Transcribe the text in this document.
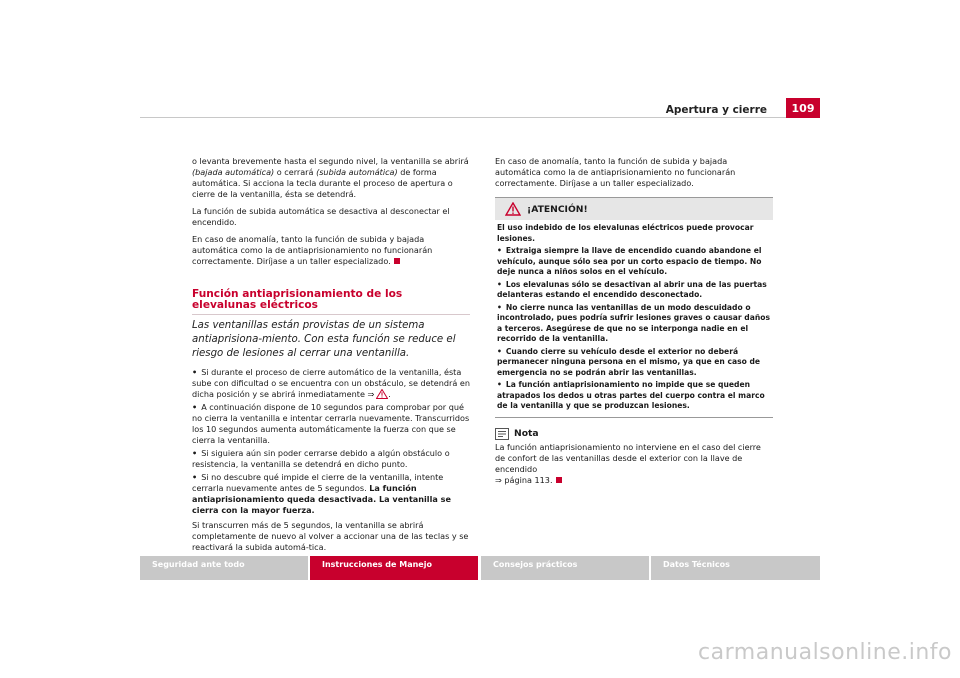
Apertura y cierre	109

o levanta brevemente hasta el segundo nivel, la ventanilla se abrirá (bajada automática) o cerrará (subida automática) de forma automática. Si acciona la tecla durante el proceso de apertura o cierre de la ventanilla, ésta se detendrá.

La función de subida automática se desactiva al desconectar el encendido.

En caso de anomalía, tanto la función de subida y bajada automática como la de antiaprisionamiento no funcionarán correctamente. Diríjase a un taller especializado.

Función antiaprisionamiento de los elevalunas eléctricos
Las ventanillas están provistas de un sistema antiaprisiona-miento. Con esta función se reduce el riesgo de lesiones al cerrar una ventanilla.

• Si durante el proceso de cierre automático de la ventanilla, ésta sube con dificultad o se encuentra con un obstáculo, se detendrá en dicha posición y se abrirá inmediatamente ⇒ .

• A continuación dispone de 10 segundos para comprobar por qué no cierra la ventanilla e intentar cerrarla nuevamente. Transcurridos los 10 segundos aumenta automáticamente la fuerza con que se cierra la ventanilla.

• Si siguiera aún sin poder cerrarse debido a algún obstáculo o resistencia, la ventanilla se detendrá en dicho punto.

• Si no descubre qué impide el cierre de la ventanilla, intente cerrarla nuevamente antes de 5 segundos. La función antiaprisionamiento queda desactivada. La ventanilla se cierra con la mayor fuerza.

Si transcurren más de 5 segundos, la ventanilla se abrirá completamente de nuevo al volver a accionar una de las teclas y se reactivará la subida automá-tica.

En caso de anomalía, tanto la función de subida y bajada automática como la de antiaprisionamiento no funcionarán correctamente. Diríjase a un taller especializado.

¡ATENCIÓN!

El uso indebido de los elevalunas eléctricos puede provocar lesiones.

• Extraiga siempre la llave de encendido cuando abandone el vehículo, aunque sólo sea por un corto espacio de tiempo. No deje nunca a niños solos en el vehículo.

• Los elevalunas sólo se desactivan al abrir una de las puertas delanteras estando el encendido desconectado.

• No cierre nunca las ventanillas de un modo descuidado o incontrolado, pues podría sufrir lesiones graves o causar daños a terceros. Asegúrese de que no se interponga nadie en el recorrido de la ventanilla.

• Cuando cierre su vehículo desde el exterior no deberá permanecer ninguna persona en el mismo, ya que en caso de emergencia no se podrán abrir las ventanillas.

• La función antiaprisionamiento no impide que se queden atrapados los dedos u otras partes del cuerpo contra el marco de la ventanilla y que se produzcan lesiones.

Nota

La función antiaprisionamiento no interviene en el caso del cierre de confort de las ventanillas desde el exterior con la llave de encendido
⇒ página 113.

Seguridad ante todo	Instrucciones de Manejo	Consejos prácticos	Datos Técnicos
carmanualsonline.info
